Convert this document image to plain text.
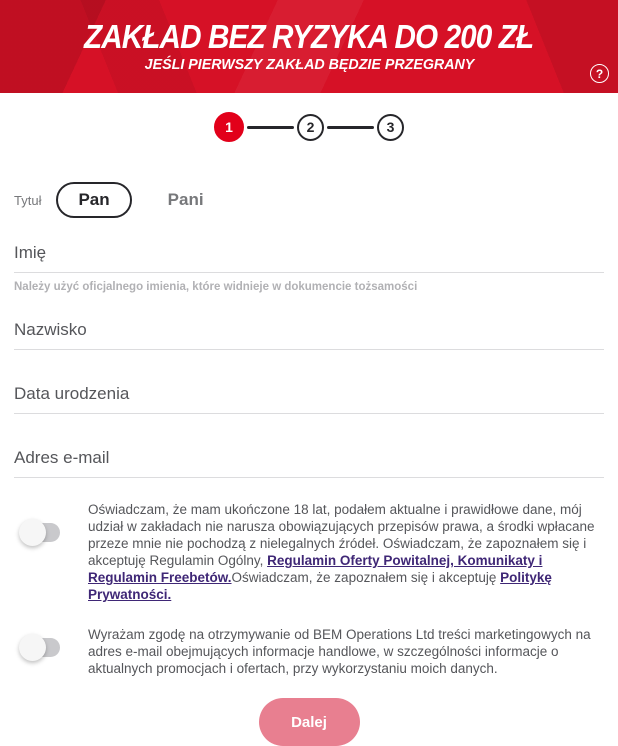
ZAKŁAD BEZ RYZYKA DO 200 ZŁ
JEŚLI PIERWSZY ZAKŁAD BĘDZIE PRZEGRANY
?
1	2	3
Tytuł	Pan	Pani
Imię
Należy użyć oficjalnego imienia, które widnieje w dokumencie tożsamości
Nazwisko
Data urodzenia
Adres e-mail
Oświadczam, że mam ukończone 18 lat, podałem aktualne i prawidłowe dane, mój udział w zakładach nie narusza obowiązujących przepisów prawa, a środki wpłacane przeze mnie nie pochodzą z nielegalnych źródeł. Oświadczam, że zapoznałem się i akceptuję Regulamin Ogólny, Regulamin Oferty Powitalnej, Komunikaty i Regulamin Freebetów.Oświadczam, że zapoznałem się i akceptuję Politykę Prywatności.
Wyrażam zgodę na otrzymywanie od BEM Operations Ltd treści marketingowych na adres e-mail obejmujących informacje handlowe, w szczególności informacje o aktualnych promocjach i ofertach, przy wykorzystaniu moich danych.
Dalej
